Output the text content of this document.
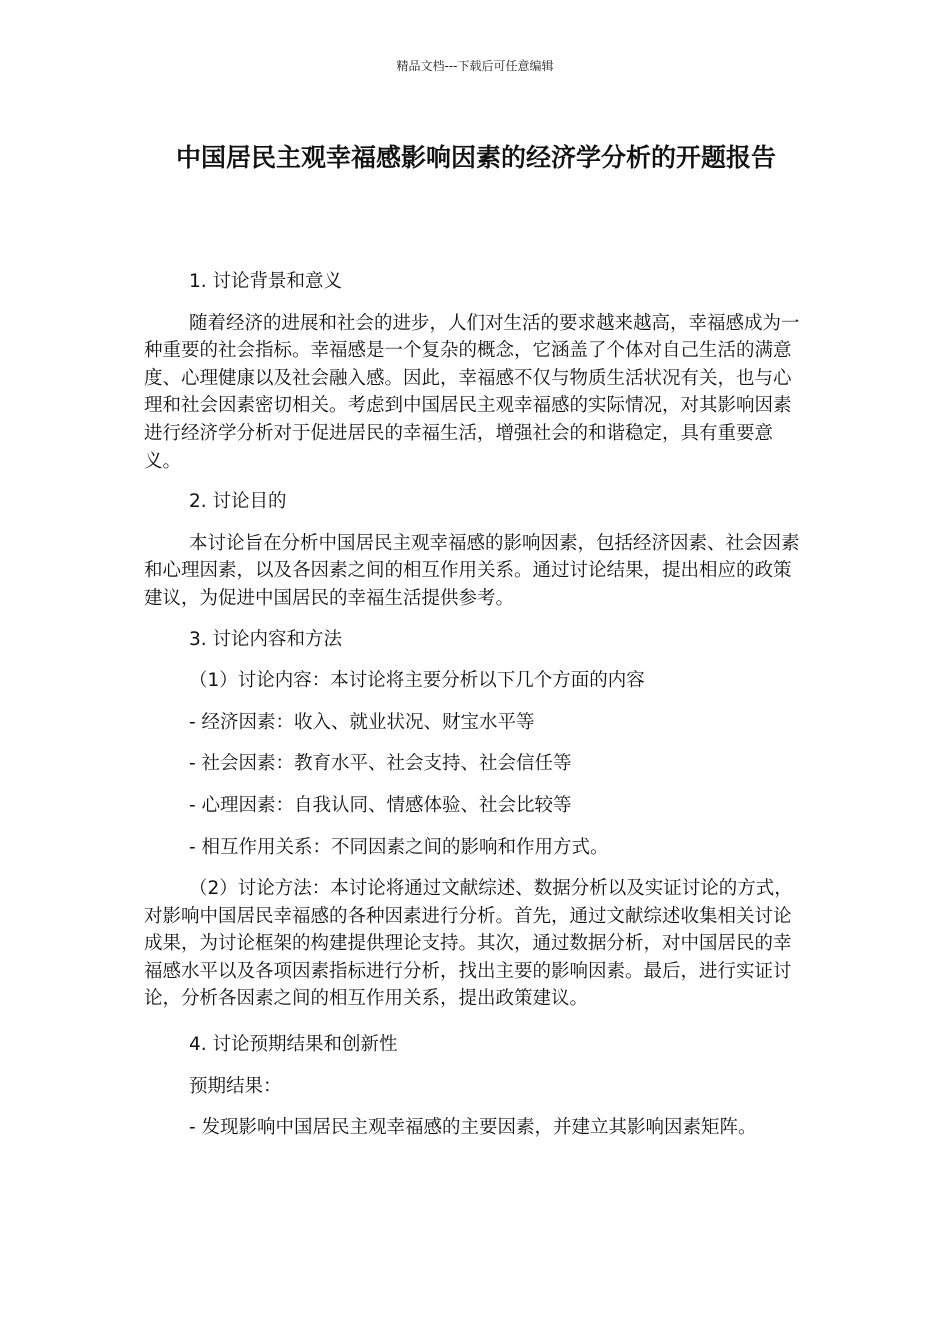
精品文档---下载后可任意编辑
中国居民主观幸福感影响因素的经济学分析的开题报告

1. 讨论背景和意义

随着经济的进展和社会的进步，人们对生活的要求越来越高，幸福感成为一种重要的社会指标。幸福感是一个复杂的概念，它涵盖了个体对自己生活的满意度、心理健康以及社会融入感。因此，幸福感不仅与物质生活状况有关，也与心理和社会因素密切相关。考虑到中国居民主观幸福感的实际情况，对其影响因素进行经济学分析对于促进居民的幸福生活，增强社会的和谐稳定，具有重要意义。

2. 讨论目的

本讨论旨在分析中国居民主观幸福感的影响因素，包括经济因素、社会因素和心理因素，以及各因素之间的相互作用关系。通过讨论结果，提出相应的政策建议，为促进中国居民的幸福生活提供参考。

3. 讨论内容和方法

（1）讨论内容：本讨论将主要分析以下几个方面的内容

- 经济因素：收入、就业状况、财宝水平等

- 社会因素：教育水平、社会支持、社会信任等

- 心理因素：自我认同、情感体验、社会比较等

- 相互作用关系：不同因素之间的影响和作用方式。

（2）讨论方法：本讨论将通过文献综述、数据分析以及实证讨论的方式，对影响中国居民幸福感的各种因素进行分析。首先，通过文献综述收集相关讨论成果，为讨论框架的构建提供理论支持。其次，通过数据分析，对中国居民的幸福感水平以及各项因素指标进行分析，找出主要的影响因素。最后，进行实证讨论，分析各因素之间的相互作用关系，提出政策建议。

4. 讨论预期结果和创新性

预期结果：

- 发现影响中国居民主观幸福感的主要因素，并建立其影响因素矩阵。
